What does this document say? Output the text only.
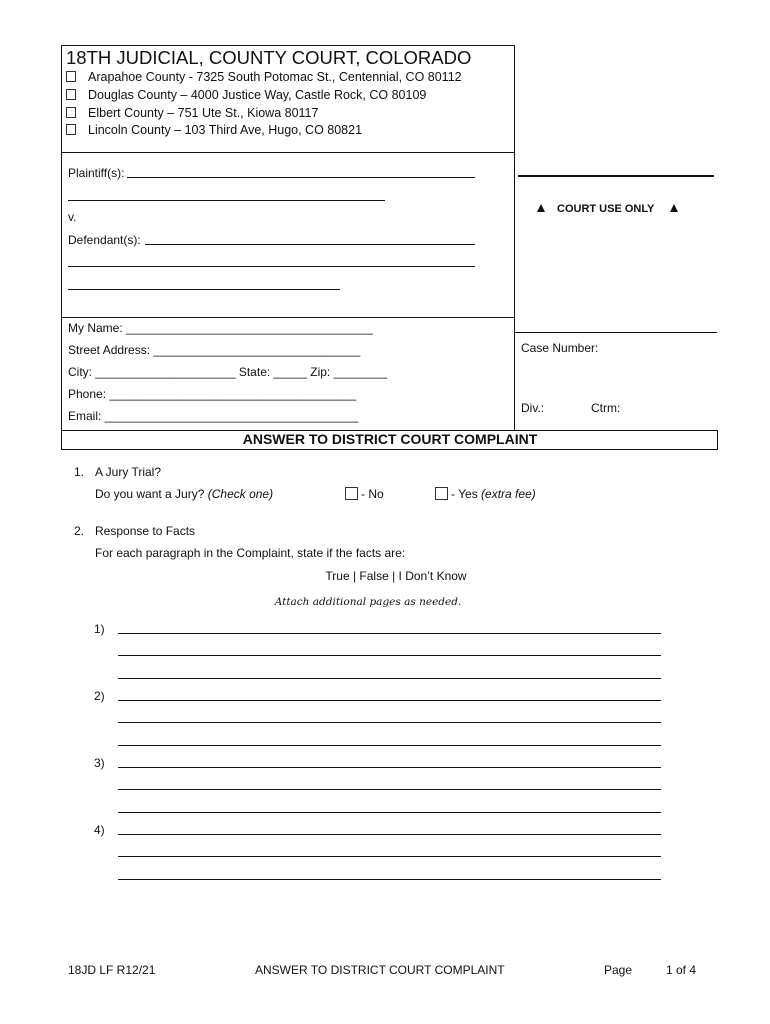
18TH JUDICIAL, COUNTY COURT, COLORADO
Arapahoe County - 7325 South Potomac St., Centennial, CO 80112
Douglas County – 4000 Justice Way, Castle Rock, CO 80109
Elbert County – 751 Ute St., Kiowa 80117
Lincoln County – 103 Third Ave, Hugo, CO 80821
Plaintiff(s):
v.
Defendant(s):
COURT USE ONLY
Case Number:
Div.:	Ctrm:
My Name: _____________________________________
Street Address: _______________________________
City: _____________________ State: _____ Zip: ________
Phone: _____________________________________
Email: ______________________________________
ANSWER TO DISTRICT COURT COMPLAINT
1. A Jury Trial?
Do you want a Jury? (Check one)	- No	- Yes (extra fee)
2. Response to Facts
For each paragraph in the Complaint, state if the facts are:
True | False | I Don’t Know
Attach additional pages as needed.
1)
2)
3)
4)
18JD LF R12/21	ANSWER TO DISTRICT COURT COMPLAINT	Page	1 of 4
